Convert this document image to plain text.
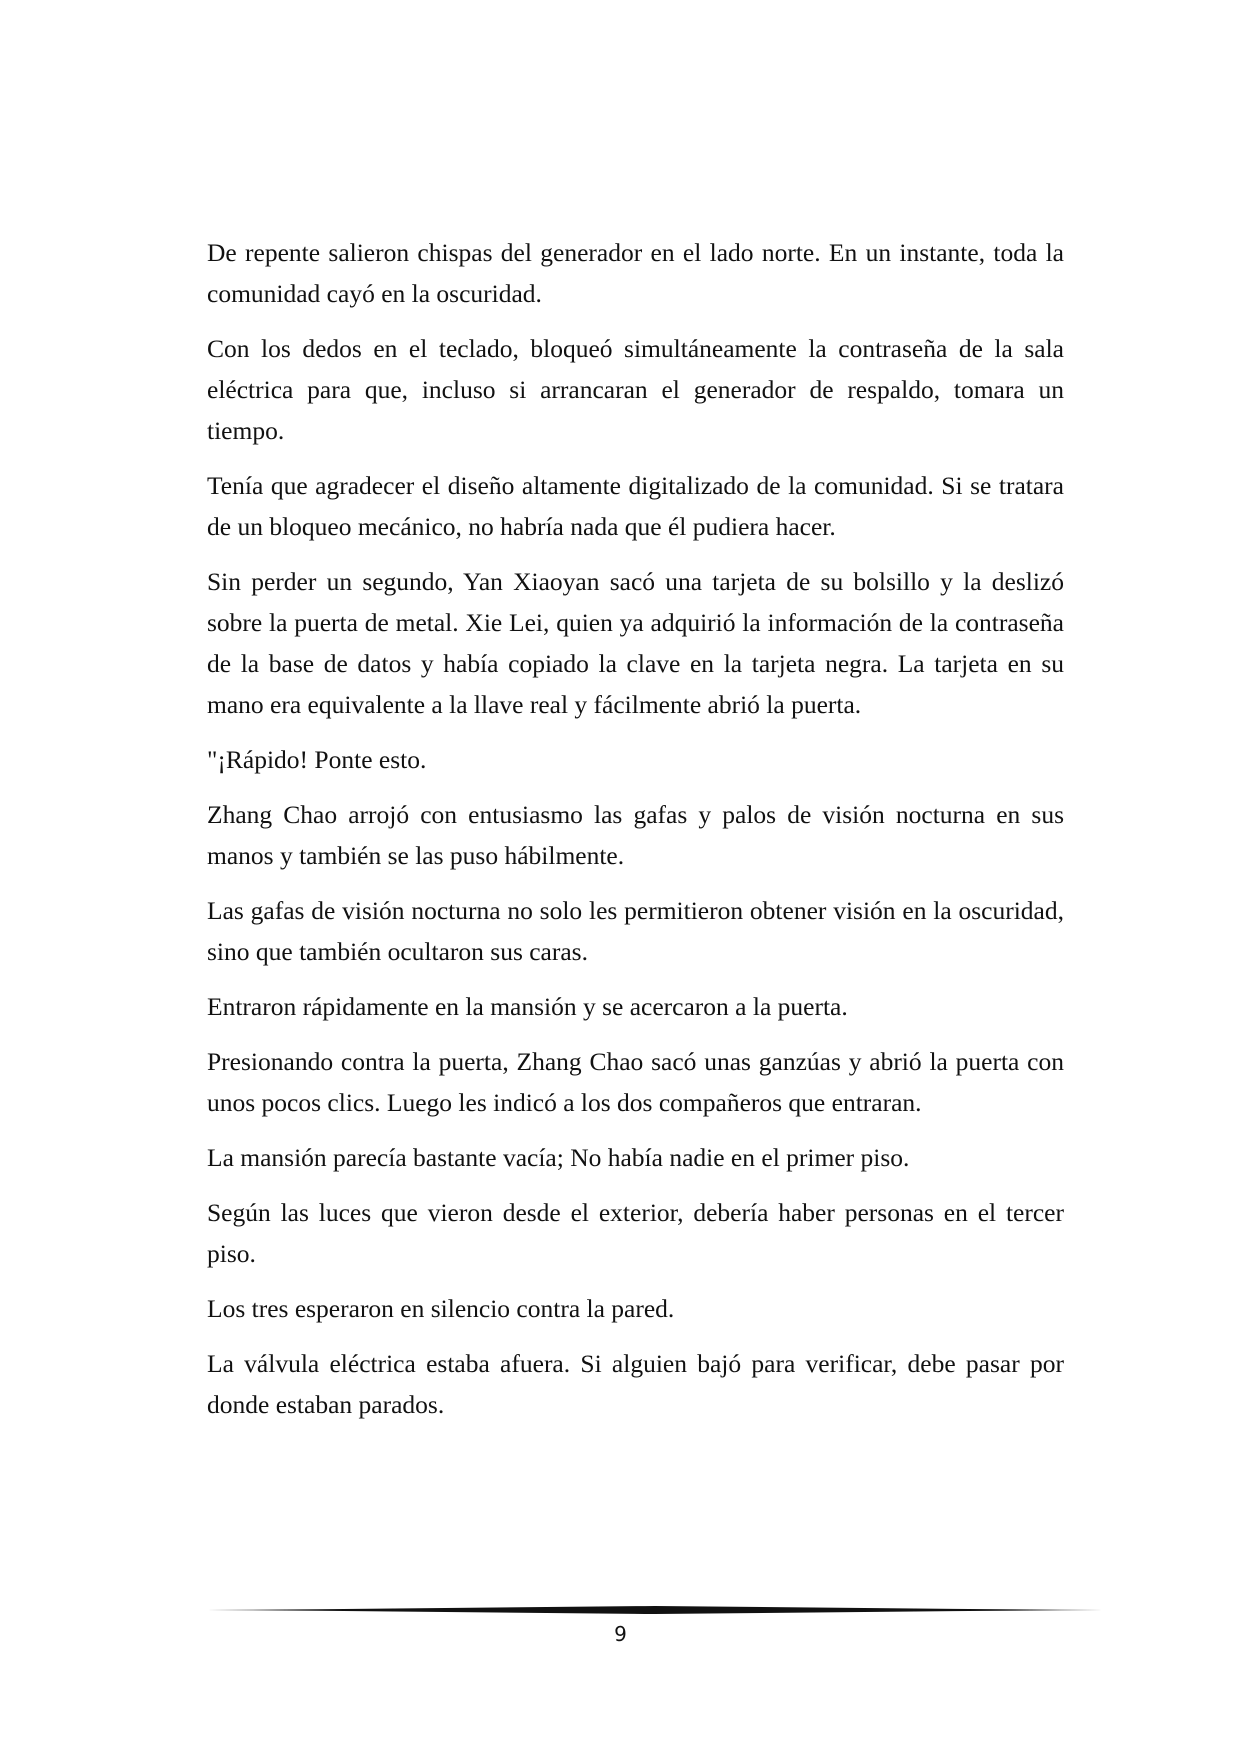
De repente salieron chispas del generador en el lado norte. En un instante, toda la comunidad cayó en la oscuridad.

Con los dedos en el teclado, bloqueó simultáneamente la contraseña de la sala eléctrica para que, incluso si arrancaran el generador de respaldo, tomara un tiempo.

Tenía que agradecer el diseño altamente digitalizado de la comunidad. Si se tratara de un bloqueo mecánico, no habría nada que él pudiera hacer.

Sin perder un segundo, Yan Xiaoyan sacó una tarjeta de su bolsillo y la deslizó sobre la puerta de metal. Xie Lei, quien ya adquirió la información de la contraseña de la base de datos y había copiado la clave en la tarjeta negra. La tarjeta en su mano era equivalente a la llave real y fácilmente abrió la puerta.

"¡Rápido! Ponte esto.

Zhang Chao arrojó con entusiasmo las gafas y palos de visión nocturna en sus manos y también se las puso hábilmente.

Las gafas de visión nocturna no solo les permitieron obtener visión en la oscuridad, sino que también ocultaron sus caras.

Entraron rápidamente en la mansión y se acercaron a la puerta.

Presionando contra la puerta, Zhang Chao sacó unas ganzúas y abrió la puerta con unos pocos clics. Luego les indicó a los dos compañeros que entraran.

La mansión parecía bastante vacía; No había nadie en el primer piso.

Según las luces que vieron desde el exterior, debería haber personas en el tercer piso.

Los tres esperaron en silencio contra la pared.

La válvula eléctrica estaba afuera. Si alguien bajó para verificar, debe pasar por donde estaban parados.

9
